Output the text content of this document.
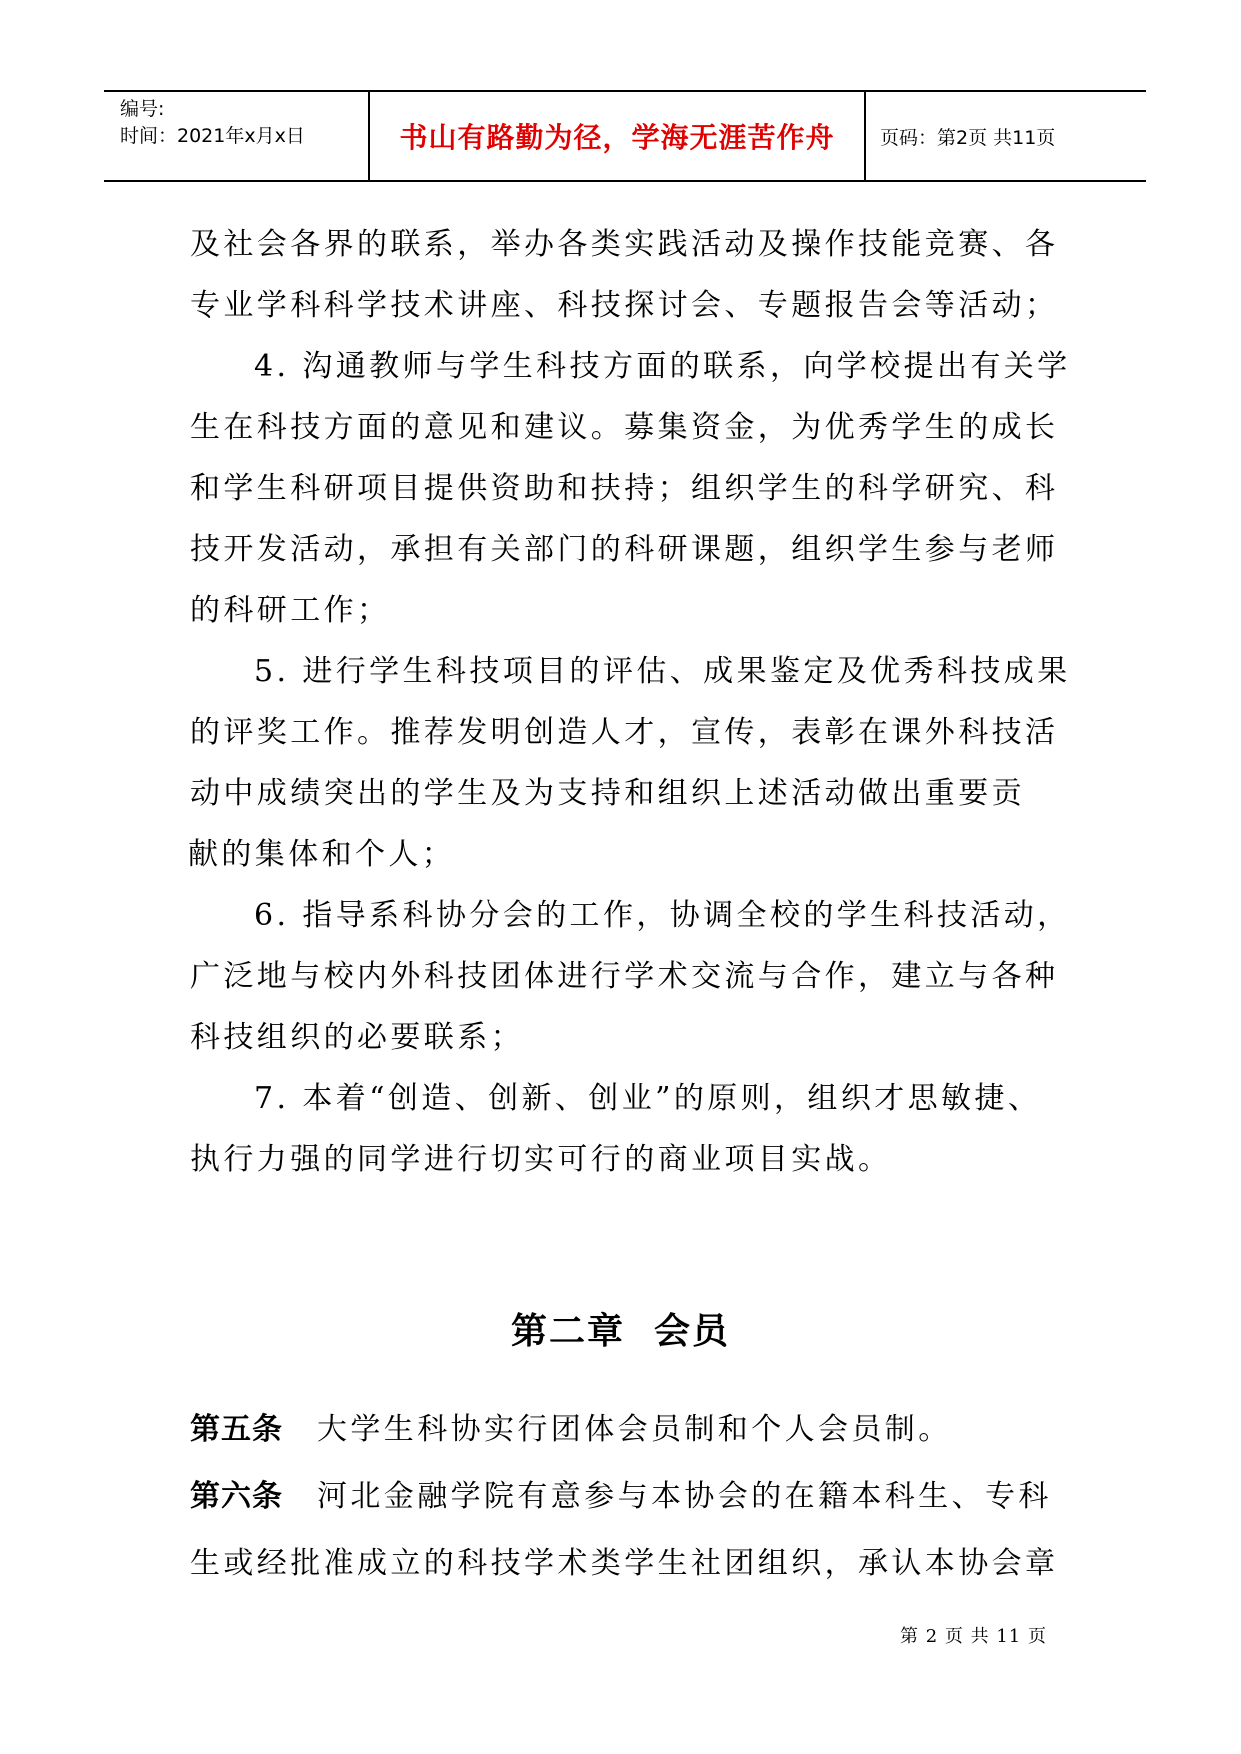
编号:
时间：2021年x月x日	书山有路勤为径，学海无涯苦作舟 页码：第2页 共11页

及社会各界的联系，举办各类实践活动及操作技能竞赛、各

专业学科科学技术讲座、科技探讨会、专题报告会等活动；

4. 沟通教师与学生科技方面的联系，向学校提出有关学

生在科技方面的意见和建议。募集资金，为优秀学生的成长

和学生科研项目提供资助和扶持；组织学生的科学研究、科

技开发活动，承担有关部门的科研课题，组织学生参与老师

的科研工作；

5. 进行学生科技项目的评估、成果鉴定及优秀科技成果

的评奖工作。推荐发明创造人才，宣传，表彰在课外科技活

动中成绩突出的学生及为支持和组织上述活动做出重要贡

献的集体和个人；

6. 指导系科协分会的工作，协调全校的学生科技活动，

广泛地与校内外科技团体进行学术交流与合作，建立与各种

科技组织的必要联系；

7. 本着“创造、创新、创业”的原则，组织才思敏捷、

执行力强的同学进行切实可行的商业项目实战。

第二章  会员

第五条 大学生科协实行团体会员制和个人会员制。

第六条 河北金融学院有意参与本协会的在籍本科生、专科

生或经批准成立的科技学术类学生社团组织，承认本协会章

第 2 页 共 11 页
